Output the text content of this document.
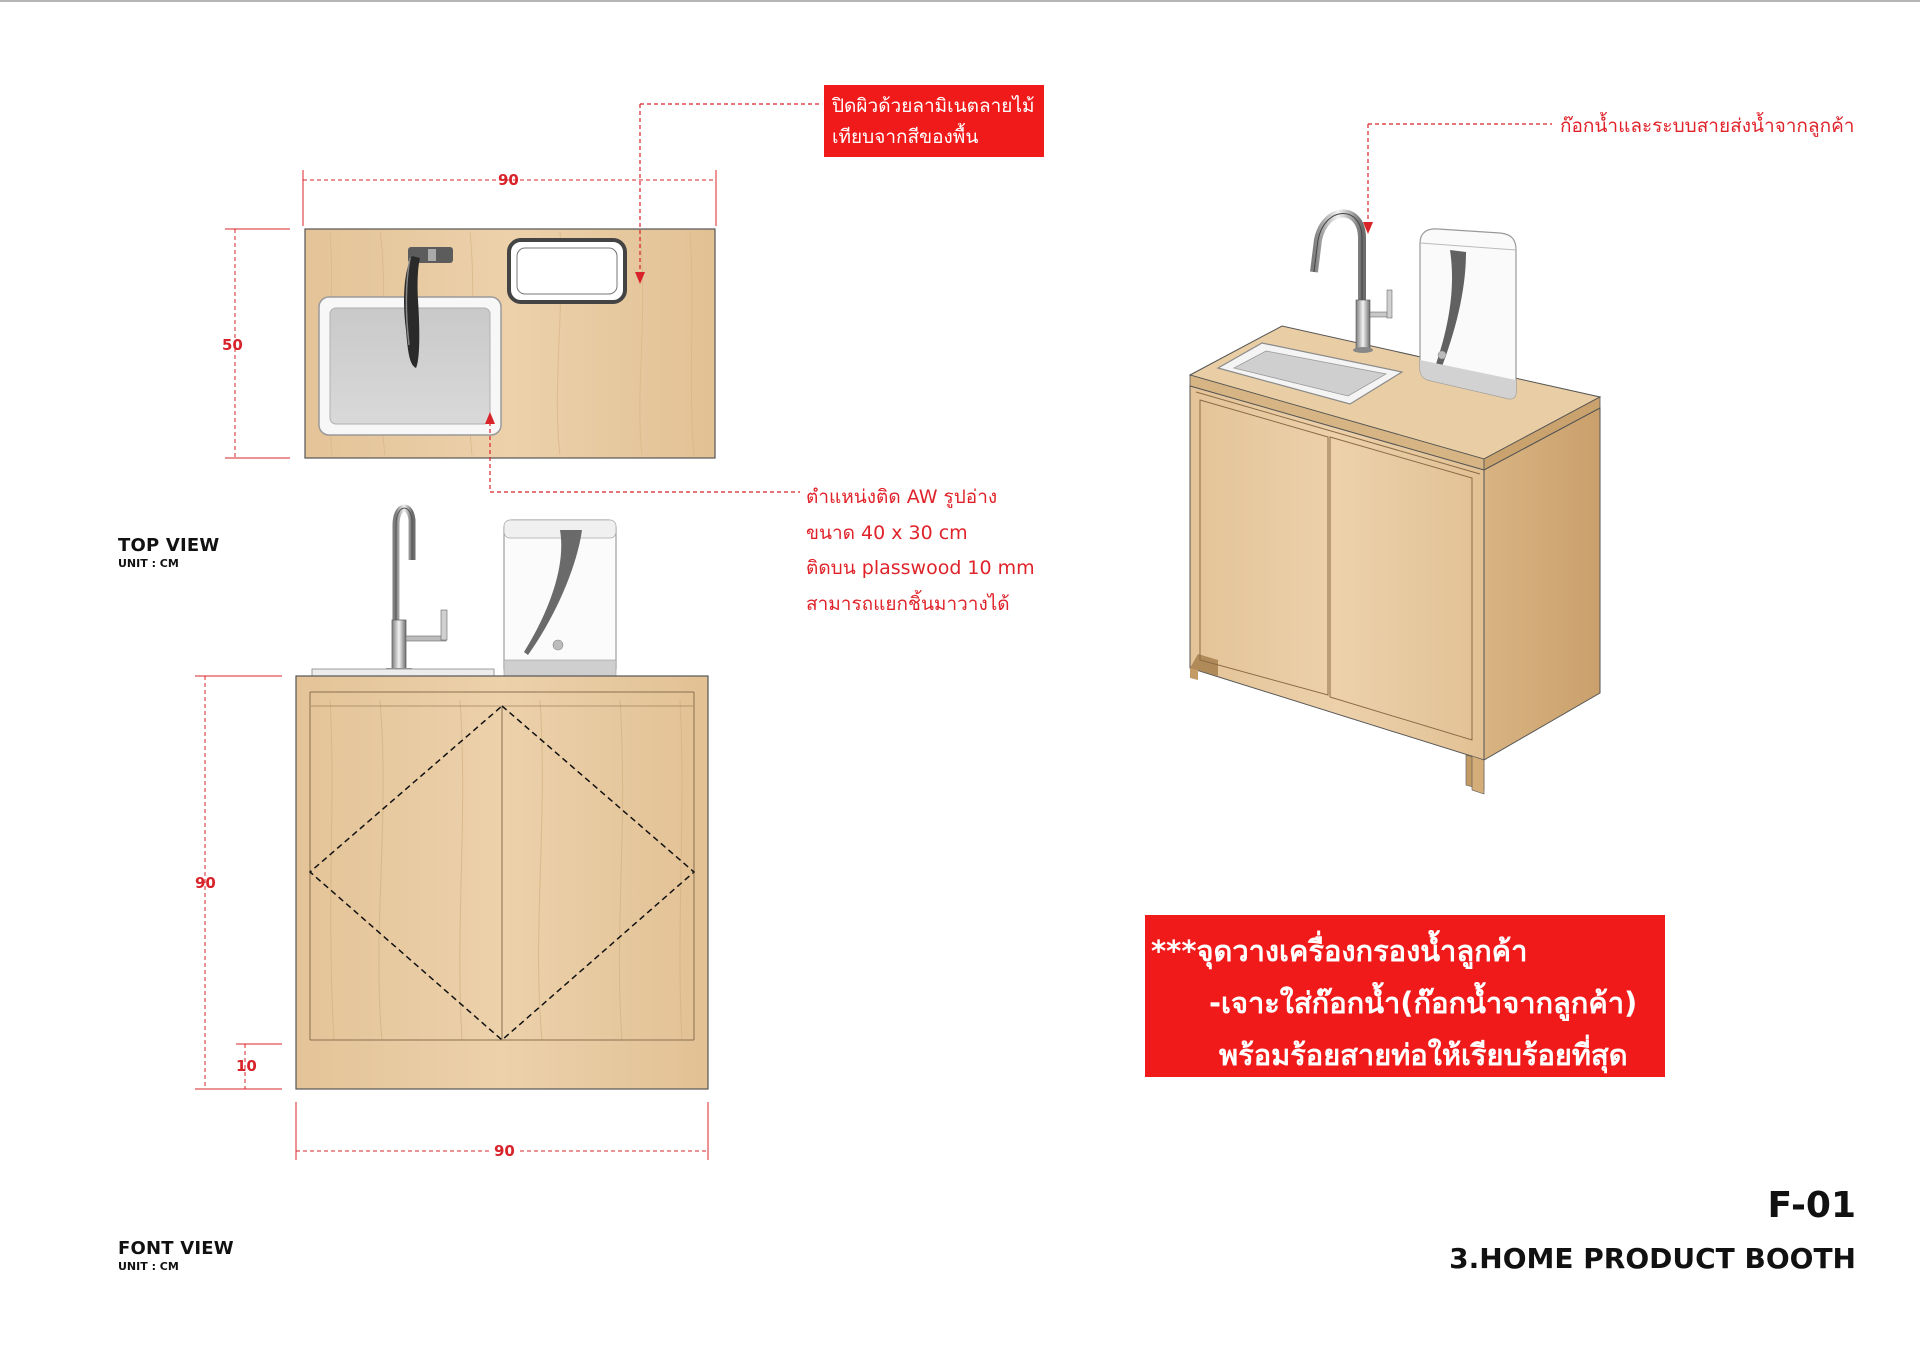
90
50
90
10
90
TOP VIEW
UNIT : CM
FONT VIEW
UNIT : CM
ปิดผิวด้วยลามิเนตลายไม้
เทียบจากสีของพื้น
ตำแหน่งติด AW รูปอ่าง
ขนาด 40 x 30 cm
ติดบน plasswood 10 mm
สามารถแยกชิ้นมาวางได้
ก๊อกน้ำและระบบสายส่งน้ำจากลูกค้า
***จุดวางเครื่องกรองน้ำลูกค้า
-เจาะใส่ก๊อกน้ำ(ก๊อกน้ำจากลูกค้า)
พร้อมร้อยสายท่อให้เรียบร้อยที่สุด
F-01
3.HOME PRODUCT BOOTH
